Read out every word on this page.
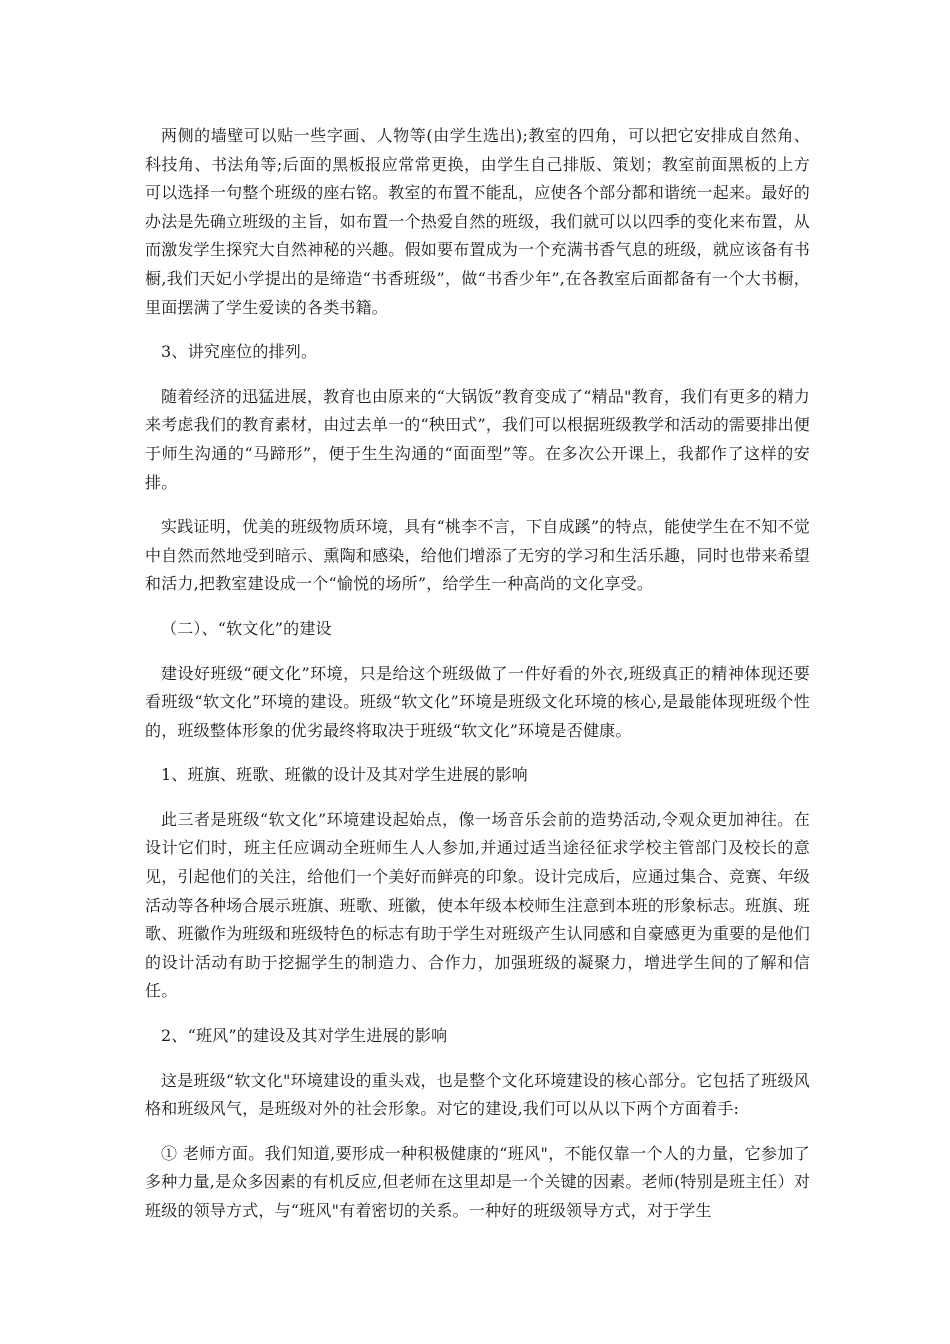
两侧的墙壁可以贴一些字画、人物等(由学生选出);教室的四角，可以把它安排成自然角、科技角、书法角等;后面的黑板报应常常更换，由学生自己排版、策划；教室前面黑板的上方可以选择一句整个班级的座右铭。教室的布置不能乱，应使各个部分都和谐统一起来。最好的办法是先确立班级的主旨，如布置一个热爱自然的班级，我们就可以以四季的变化来布置，从而激发学生探究大自然神秘的兴趣。假如要布置成为一个充满书香气息的班级，就应该备有书橱,我们天妃小学提出的是缔造“书香班级”，做“书香少年”,在各教室后面都备有一个大书橱，里面摆满了学生爱读的各类书籍。

3、讲究座位的排列。

随着经济的迅猛进展，教育也由原来的“大锅饭”教育变成了“精品"教育，我们有更多的精力来考虑我们的教育素材，由过去单一的“秧田式”，我们可以根据班级教学和活动的需要排出便于师生沟通的“马蹄形”，便于生生沟通的“面面型”等。在多次公开课上，我都作了这样的安排。

实践证明，优美的班级物质环境，具有“桃李不言，下自成蹊”的特点，能使学生在不知不觉中自然而然地受到暗示、熏陶和感染，给他们增添了无穷的学习和生活乐趣，同时也带来希望和活力,把教室建设成一个“愉悦的场所”，给学生一种高尚的文化享受。

（二）、“软文化”的建设

建设好班级“硬文化”环境，只是给这个班级做了一件好看的外衣,班级真正的精神体现还要看班级“软文化”环境的建设。班级“软文化”环境是班级文化环境的核心,是最能体现班级个性的，班级整体形象的优劣最终将取决于班级“软文化”环境是否健康。

1、班旗、班歌、班徽的设计及其对学生进展的影响

此三者是班级“软文化”环境建设起始点，像一场音乐会前的造势活动,令观众更加神往。在设计它们时，班主任应调动全班师生人人参加,并通过适当途径征求学校主管部门及校长的意见，引起他们的关注，给他们一个美好而鲜亮的印象。设计完成后，应通过集合、竞赛、年级活动等各种场合展示班旗、班歌、班徽，使本年级本校师生注意到本班的形象标志。班旗、班歌、班徽作为班级和班级特色的标志有助于学生对班级产生认同感和自豪感更为重要的是他们的设计活动有助于挖掘学生的制造力、合作力，加强班级的凝聚力，增进学生间的了解和信任。

2、“班风”的建设及其对学生进展的影响

这是班级“软文化"环境建设的重头戏，也是整个文化环境建设的核心部分。它包括了班级风格和班级风气，是班级对外的社会形象。对它的建设,我们可以从以下两个方面着手:

① 老师方面。我们知道,要形成一种积极健康的“班风"，不能仅靠一个人的力量，它参加了多种力量,是众多因素的有机反应,但老师在这里却是一个关键的因素。老师(特别是班主任）对班级的领导方式，与“班风"有着密切的关系。一种好的班级领导方式，对于学生
